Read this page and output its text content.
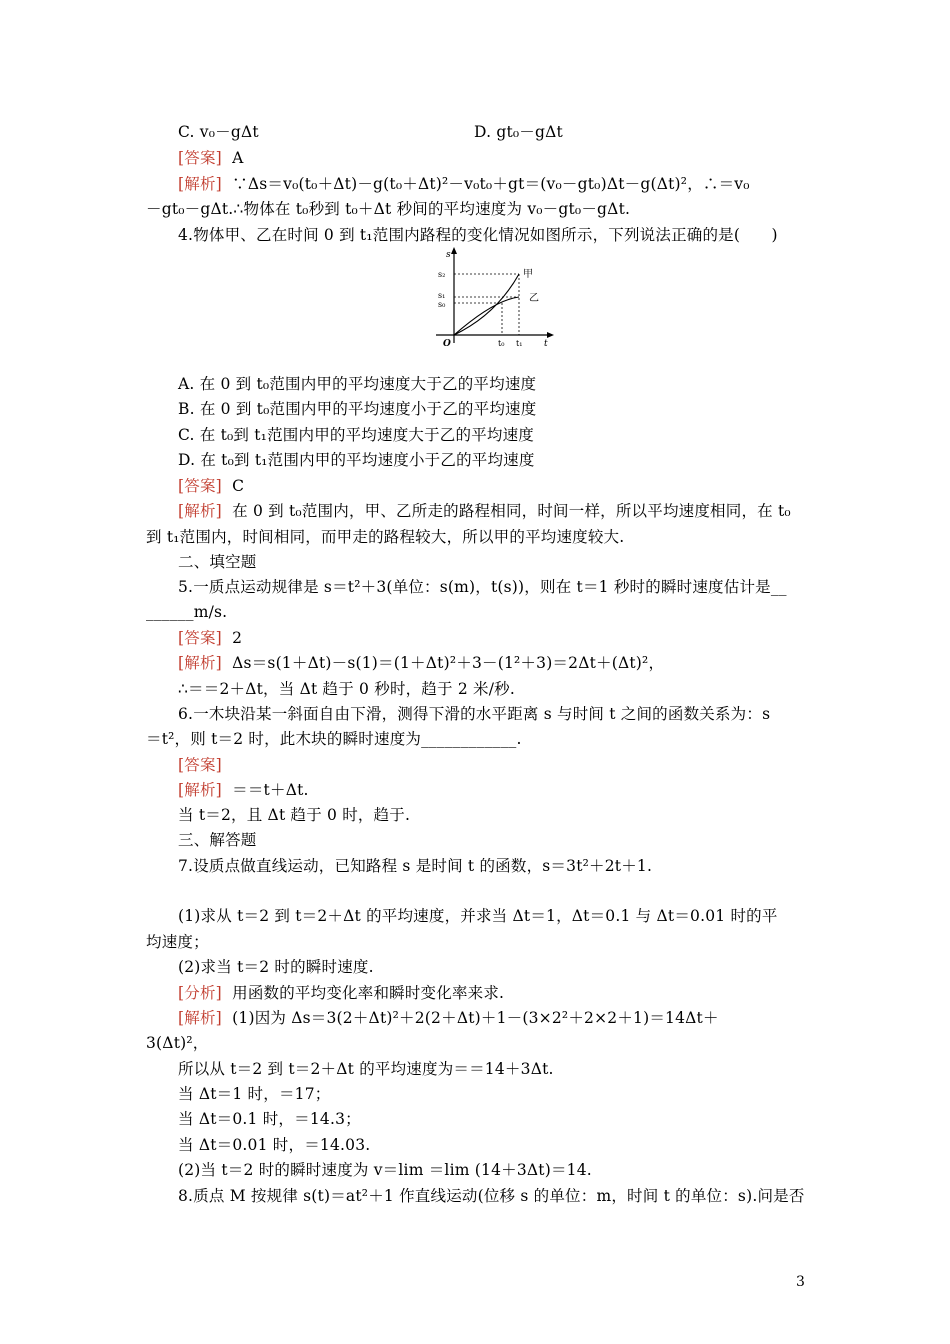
C. v₀－gΔt	D. gt₀－gΔt
[答案]  A
[解析]  ∵Δs＝v₀(t₀＋Δt)－g(t₀＋Δt)²－v₀t₀＋gt＝(v₀－gt₀)Δt－g(Δt)²，∴＝v₀
－gt₀－gΔt.∴物体在 t₀秒到 t₀＋Δt 秒间的平均速度为 v₀－gt₀－gΔt.
4.物体甲、乙在时间 0 到 t₁范围内路程的变化情况如图所示，下列说法正确的是(　　)
s
s₂
s₁
s₀
甲
乙
O	t₀ t₁ t
A. 在 0 到 t₀范围内甲的平均速度大于乙的平均速度
B. 在 0 到 t₀范围内甲的平均速度小于乙的平均速度
C. 在 t₀到 t₁范围内甲的平均速度大于乙的平均速度
D. 在 t₀到 t₁范围内甲的平均速度小于乙的平均速度
[答案]  C
[解析]  在 0 到 t₀范围内，甲、乙所走的路程相同，时间一样，所以平均速度相同，在 t₀
到 t₁范围内，时间相同，而甲走的路程较大，所以甲的平均速度较大.
二、填空题
5.一质点运动规律是 s＝t²＋3(单位：s(m)，t(s))，则在 t＝1 秒时的瞬时速度估计是__
______m/s.
[答案]  2
[解析]  Δs＝s(1＋Δt)－s(1)＝(1＋Δt)²＋3－(1²＋3)＝2Δt＋(Δt)²，
∴＝＝2＋Δt，当 Δt 趋于 0 秒时，趋于 2 米/秒.
6.一木块沿某一斜面自由下滑，测得下滑的水平距离 s 与时间 t 之间的函数关系为：s
＝t²，则 t＝2 时，此木块的瞬时速度为____________.
[答案]
[解析]  ＝＝t＋Δt.
当 t＝2，且 Δt 趋于 0 时，趋于.
三、解答题
7.设质点做直线运动，已知路程 s 是时间 t 的函数，s＝3t²＋2t＋1.
(1)求从 t＝2 到 t＝2＋Δt 的平均速度，并求当 Δt＝1，Δt＝0.1 与 Δt＝0.01 时的平
均速度；
(2)求当 t＝2 时的瞬时速度.
[分析]  用函数的平均变化率和瞬时变化率来求.
[解析]  (1)因为 Δs＝3(2＋Δt)²＋2(2＋Δt)＋1－(3×2²＋2×2＋1)＝14Δt＋
3(Δt)²，
所以从 t＝2 到 t＝2＋Δt 的平均速度为＝＝14＋3Δt.
当 Δt＝1 时，＝17；
当 Δt＝0.1 时，＝14.3；
当 Δt＝0.01 时，＝14.03.
(2)当 t＝2 时的瞬时速度为 v＝lim ＝lim (14＋3Δt)＝14.
8.质点 M 按规律 s(t)＝at²＋1 作直线运动(位移 s 的单位：m，时间 t 的单位：s).问是否
3
